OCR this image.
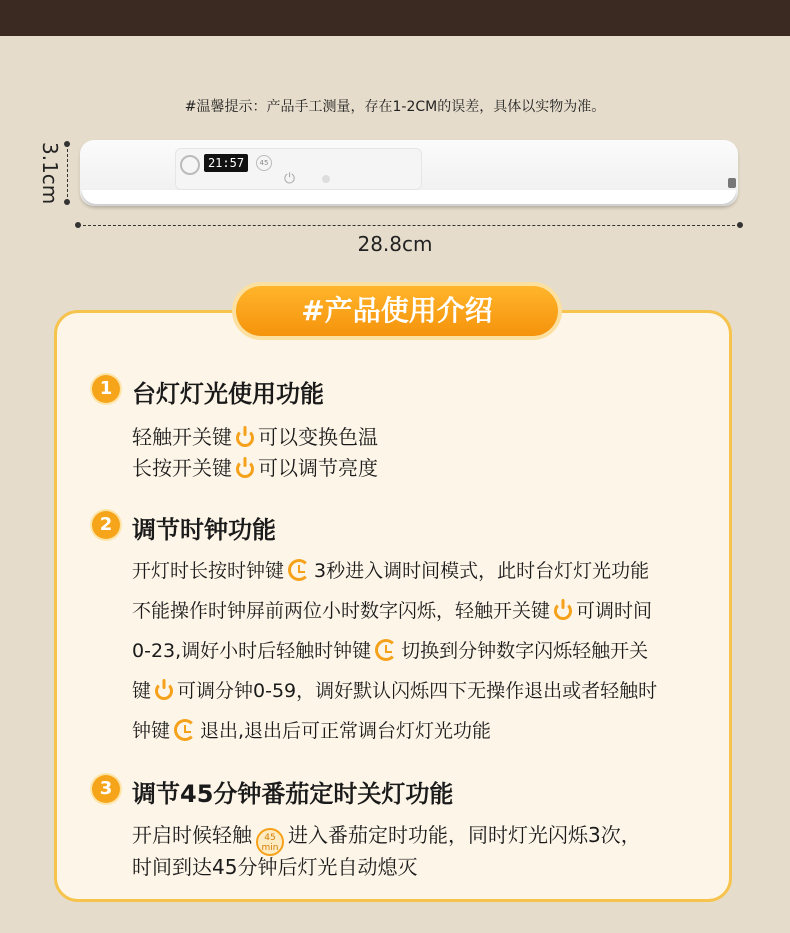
#温馨提示：产品手工测量，存在1-2CM的误差，具体以实物为准。
21:57	45
⏻
3.1cm
28.8cm
#产品使用介绍
1 台灯灯光使用功能
轻触开关键 可以变换色温
长按开关键 可以调节亮度
2 调节时钟功能
开灯时长按时钟键 3秒进入调时间模式，此时台灯灯光功能
不能操作时钟屏前两位小时数字闪烁，轻触开关键 可调时间
0-23,调好小时后轻触时钟键 切换到分钟数字闪烁轻触开关
键 可调分钟0-59，调好默认闪烁四下无操作退出或者轻触时
钟键 退出,退出后可正常调台灯灯光功能
3 调节45分钟番茄定时关灯功能
开启时候轻触 45
min进入番茄定时功能，同时灯光闪烁3次，
时间到达45分钟后灯光自动熄灭
